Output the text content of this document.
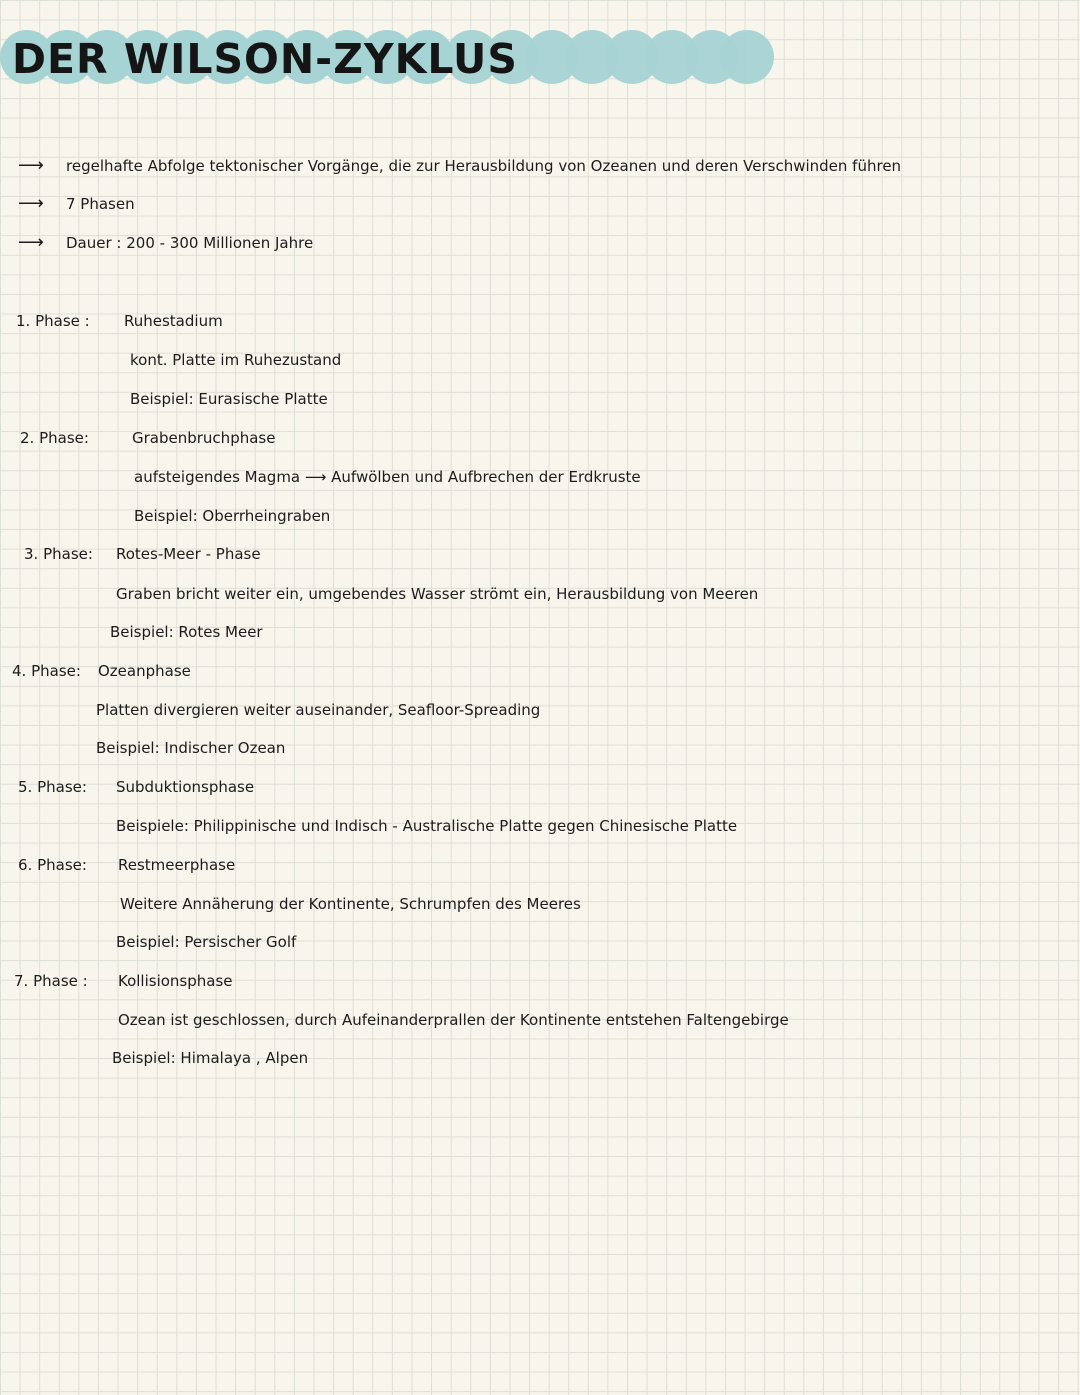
DER WILSON-ZYKLUS
⟶ regelhafte Abfolge tektonischer Vorgänge, die zur Herausbildung von Ozeanen und deren Verschwinden führen
⟶ 7 Phasen
⟶ Dauer : 200 - 300 Millionen Jahre
1. Phase : Ruhestadium
kont. Platte im Ruhezustand
Beispiel: Eurasische Platte
2. Phase:	Grabenbruchphase
aufsteigendes Magma ⟶ Aufwölben und Aufbrechen der Erdkruste
Beispiel: Oberrheingraben
3. Phase: Rotes-Meer - Phase
Graben bricht weiter ein, umgebendes Wasser strömt ein, Herausbildung von Meeren
Beispiel: Rotes Meer
4. Phase: Ozeanphase
Platten divergieren weiter auseinander, Seafloor-Spreading
Beispiel: Indischer Ozean
5. Phase: Subduktionsphase
Beispiele: Philippinische und Indisch - Australische Platte gegen Chinesische Platte
6. Phase: Restmeerphase
Weitere Annäherung der Kontinente, Schrumpfen des Meeres
Beispiel: Persischer Golf
7. Phase : Kollisionsphase
Ozean ist geschlossen, durch Aufeinanderprallen der Kontinente entstehen Faltengebirge
Beispiel: Himalaya , Alpen
